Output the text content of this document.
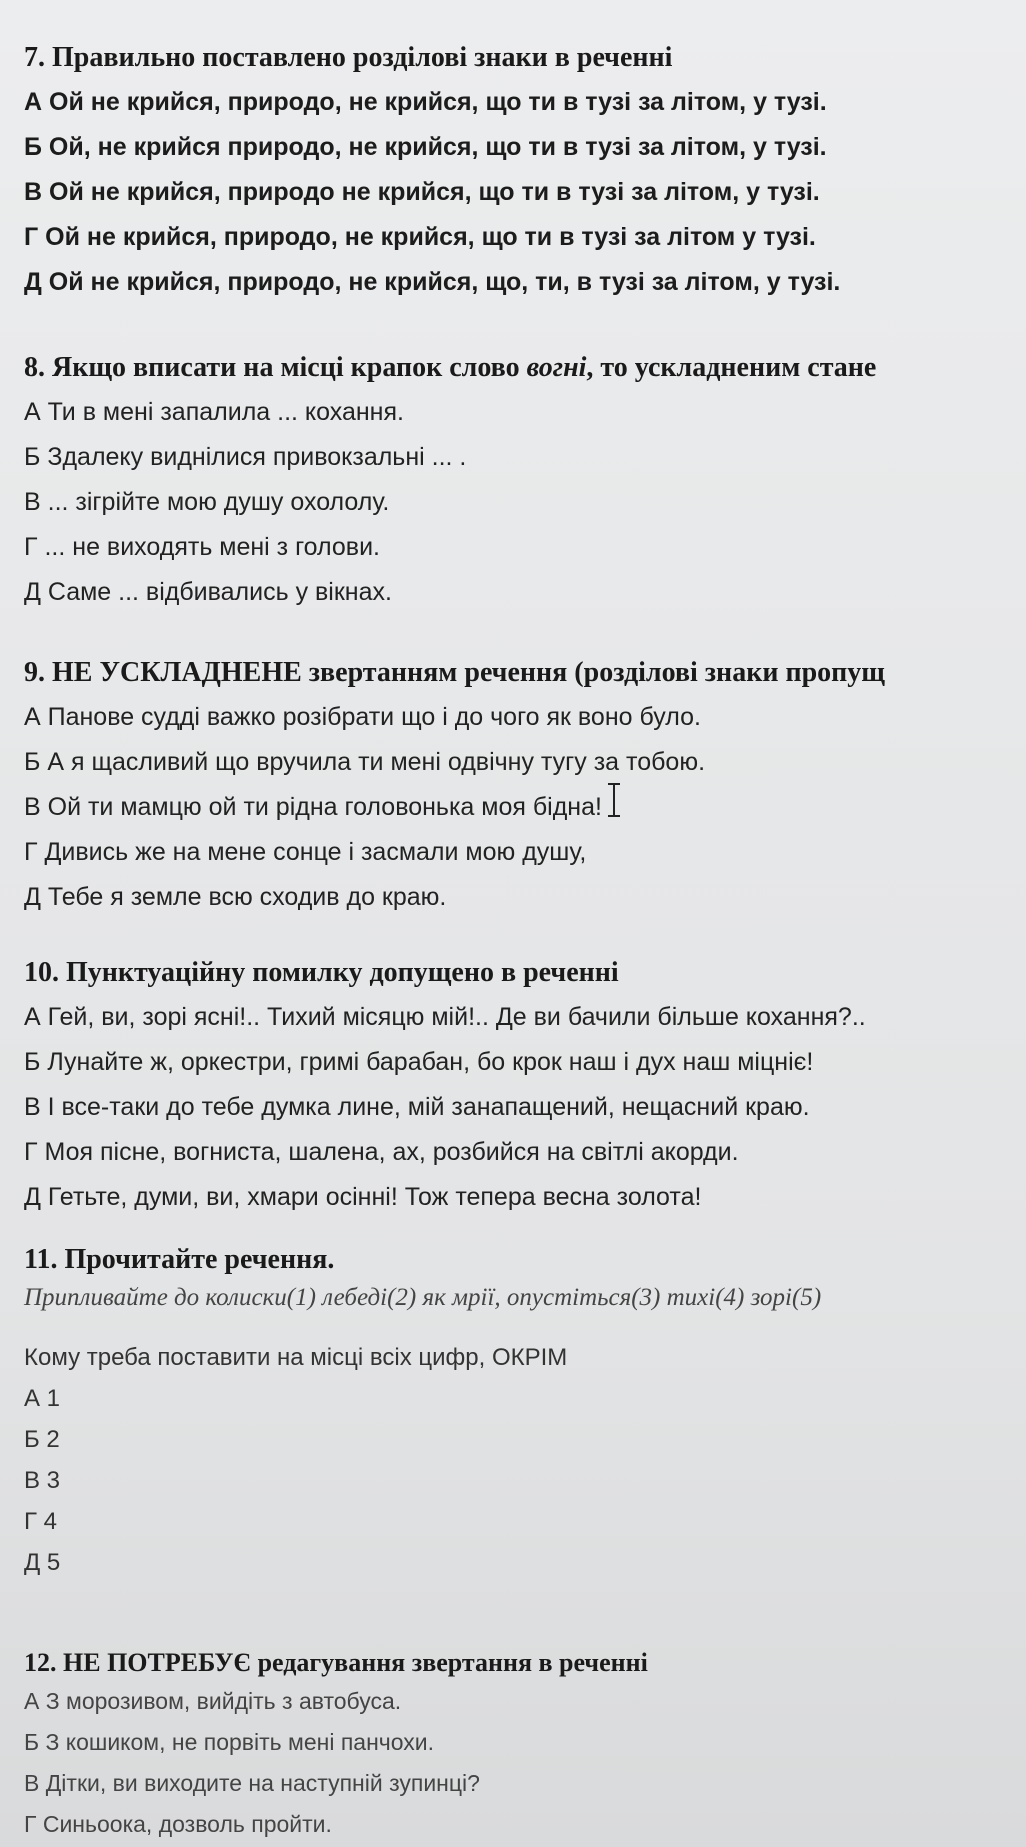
7. Правильно поставлено розділові знаки в реченні

А Ой не крийся, природо, не крийся, що ти в тузі за літом, у тузі.

Б Ой, не крийся природо, не крийся, що ти в тузі за літом, у тузі.

В Ой не крийся, природо не крийся, що ти в тузі за літом, у тузі.

Г Ой не крийся, природо, не крийся, що ти в тузі за літом у тузі.

Д Ой не крийся, природо, не крийся, що, ти, в тузі за літом, у тузі.

8. Якщо вписати на місці крапок слово вогні, то ускладненим стане

А Ти в мені запалила ... кохання.

Б Здалеку виднілися привокзальні ... .

В ... зігрійте мою душу охололу.

Г ... не виходять мені з голови.

Д Саме ... відбивались у вікнах.

9. НЕ УСКЛАДНЕНЕ звертанням речення (розділові знаки пропущ

А Панове судді важко розібрати що і до чого як воно було.

Б А я щасливий що вручила ти мені одвічну тугу за тобою.

В Ой ти мамцю ой ти рідна головонька моя бідна!

Г Дивись же на мене сонце і засмали мою душу,

Д Тебе я земле всю сходив до краю.

10. Пунктуаційну помилку допущено в реченні

А Гей, ви, зорі ясні!.. Тихий місяцю мій!.. Де ви бачили більше кохання?..

Б Лунайте ж, оркестри, гримі барабан, бо крок наш і дух наш міцніє!

В І все-таки до тебе думка лине, мій занапащений, нещасний краю.

Г Моя пісне, вогниста, шалена, ах, розбийся на світлі акорди.

Д Гетьте, думи, ви, хмари осінні! Тож тепера весна золота!

11. Прочитайте речення.

Припливайте до колиски(1) лебеді(2) як мрії, опустіться(3) тихі(4) зорі(5)

Кому треба поставити на місці всіх цифр, ОКРІМ

А 1

Б 2

В 3

Г 4

Д 5

12. НЕ ПОТРЕБУЄ редагування звертання в реченні

А З морозивом, вийдіть з автобуса.

Б З кошиком, не порвіть мені панчохи.

В Дітки, ви виходите на наступній зупинці?

Г Синьоока, дозволь пройти.
